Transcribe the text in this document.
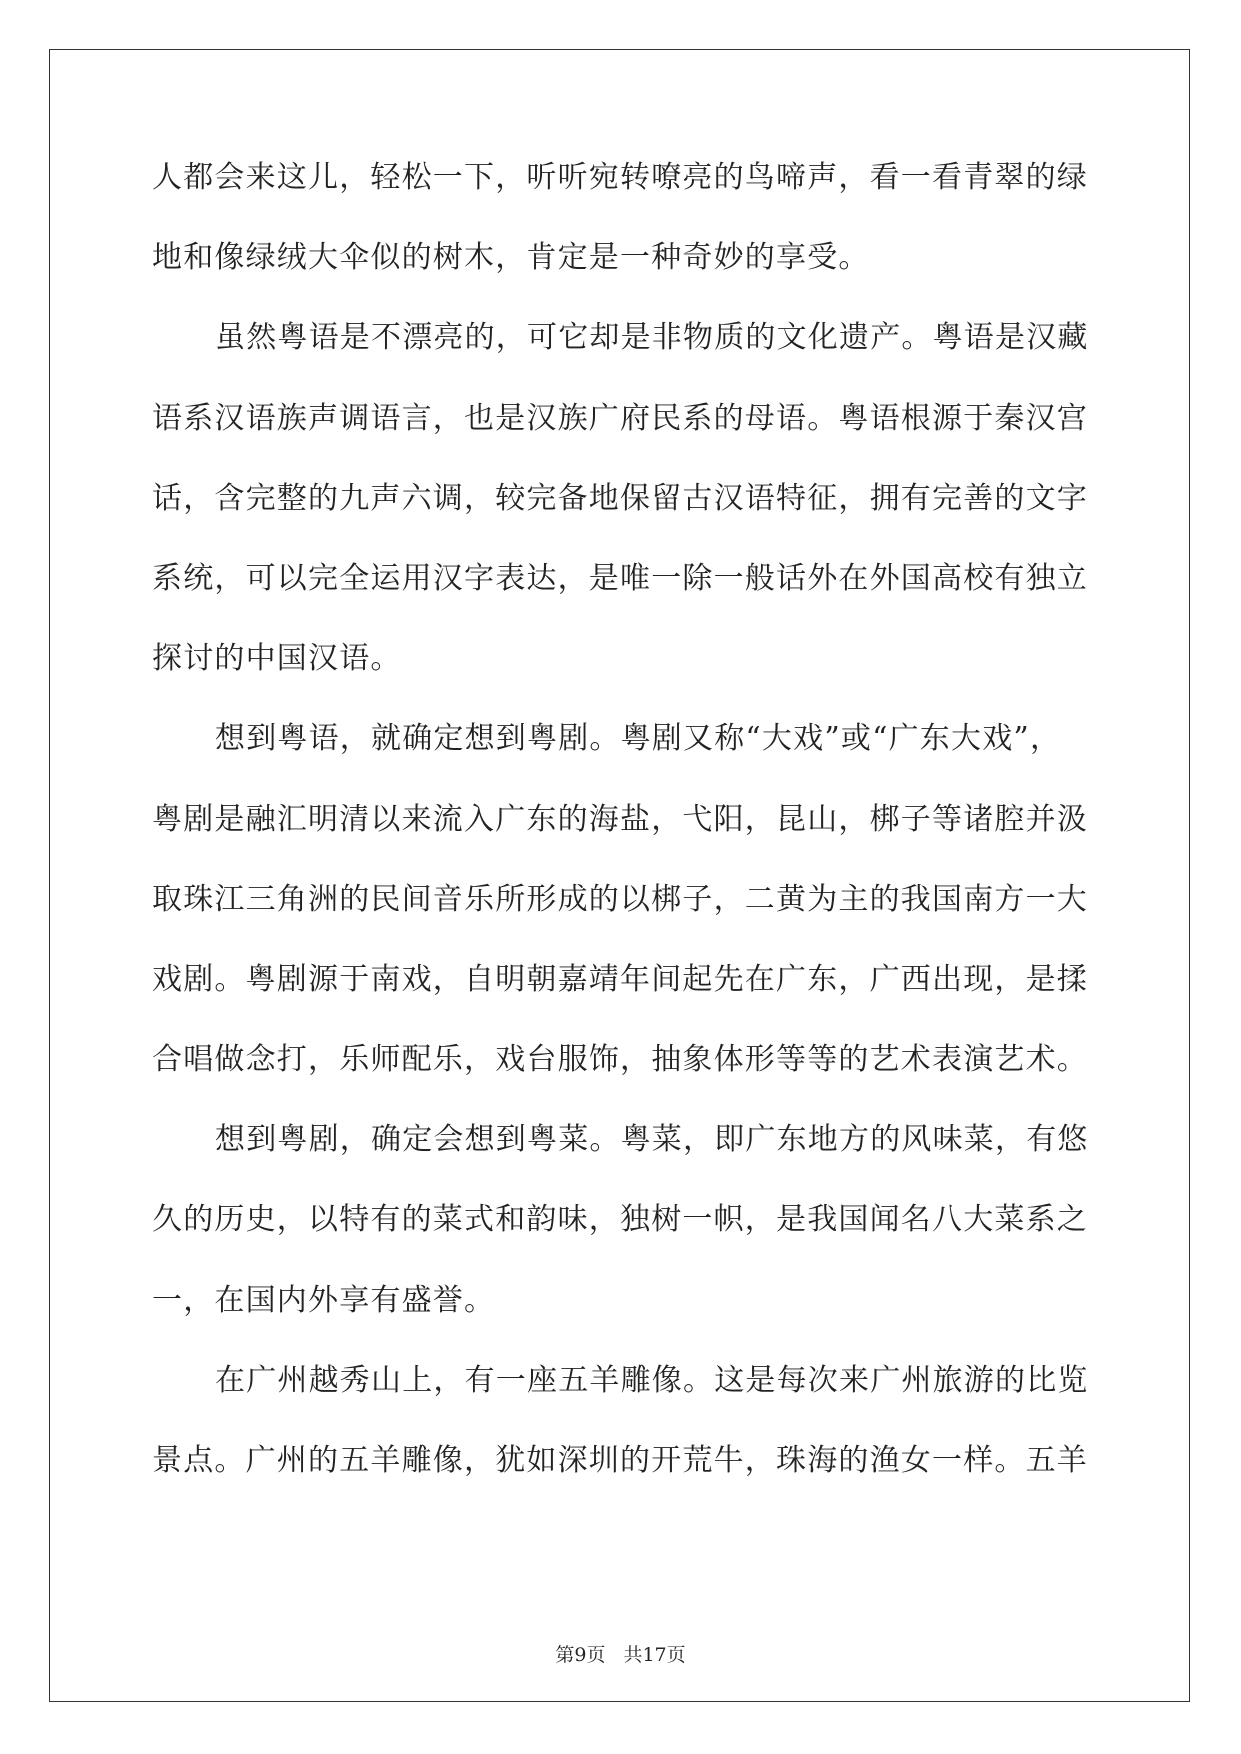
人都会来这儿，轻松一下，听听宛转嘹亮的鸟啼声，看一看青翠的绿
地和像绿绒大伞似的树木，肯定是一种奇妙的享受。
虽然粤语是不漂亮的，可它却是非物质的文化遗产。粤语是汉藏
语系汉语族声调语言，也是汉族广府民系的母语。粤语根源于秦汉宫
话，含完整的九声六调，较完备地保留古汉语特征，拥有完善的文字
系统，可以完全运用汉字表达，是唯一除一般话外在外国高校有独立
探讨的中国汉语。
想到粤语，就确定想到粤剧。粤剧又称“大戏”或“广东大戏”，
粤剧是融汇明清以来流入广东的海盐，弋阳，昆山，梆子等诸腔并汲
取珠江三角洲的民间音乐所形成的以梆子，二黄为主的我国南方一大
戏剧。粤剧源于南戏，自明朝嘉靖年间起先在广东，广西出现，是揉
合唱做念打，乐师配乐，戏台服饰，抽象体形等等的艺术表演艺术。
想到粤剧，确定会想到粤菜。粤菜，即广东地方的风味菜，有悠
久的历史，以特有的菜式和韵味，独树一帜，是我国闻名八大菜系之
一，在国内外享有盛誉。
在广州越秀山上，有一座五羊雕像。这是每次来广州旅游的比览
景点。广州的五羊雕像，犹如深圳的开荒牛，珠海的渔女一样。五羊
第9页 共17页
